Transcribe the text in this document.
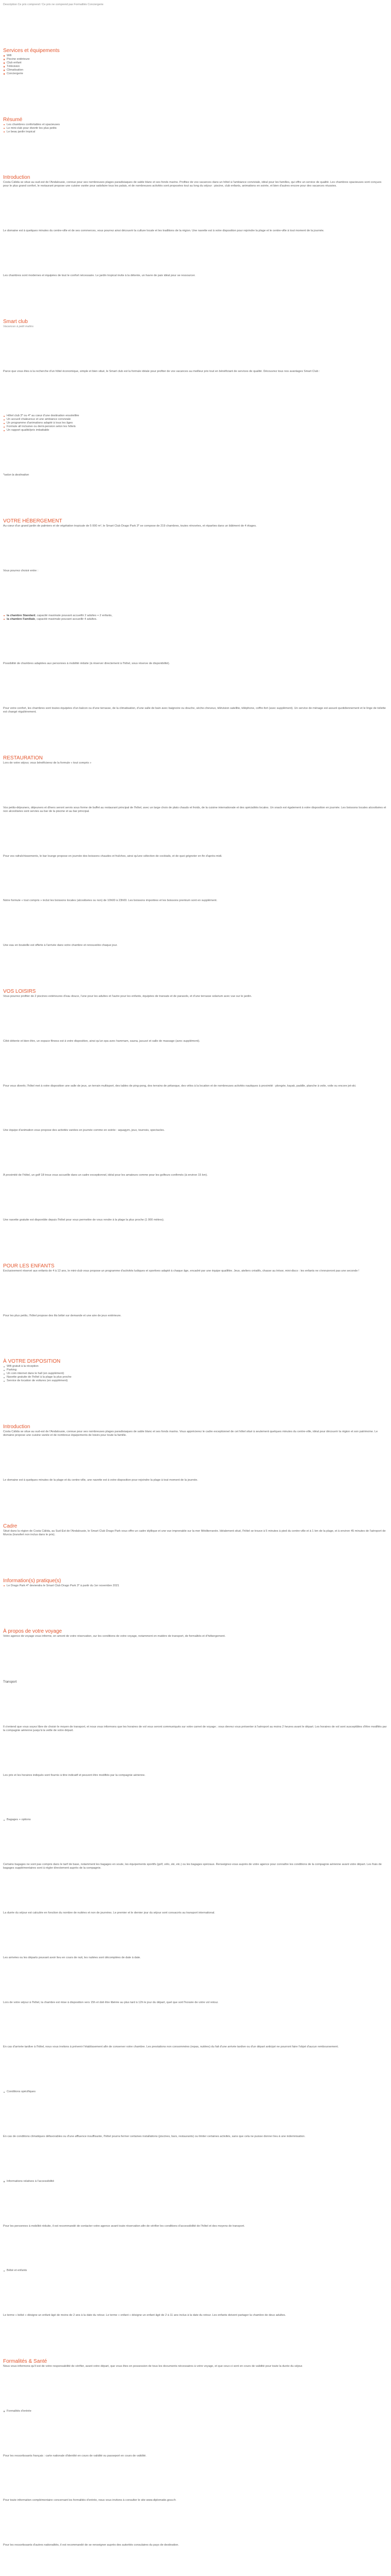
Description Ce prix comprend / Ce prix ne comprend pas Formalités Conciergerie
Services et équipements
Wifi
Piscine extérieure
Club enfant
Télévision
Climatisation
Conciergerie
Résumé
Les chambres confortables et spacieuses
Le mini-club pour divertir les plus petits
Le beau jardin tropical
Introduction

Costa Cálida se situe au sud-est de l'Andalousie, connue pour ses nombreuses plages paradisiaques de sable blanc et ses fonds marins. Profitez de vos vacances dans un hôtel à l'ambiance conviviale, idéal pour les familles, qui offre un service de qualité. Les chambres spacieuses sont conçues pour le plus grand confort, le restaurant propose une cuisine variée pour satisfaire tous les palais, et de nombreuses activités sont proposées tout au long du séjour : piscine, club enfants, animations en soirée, et bien d'autres encore pour des vacances réussies.

Le domaine est à quelques minutes du centre-ville et de ses commerces, vous pourrez ainsi découvrir la culture locale et les traditions de la région. Une navette est à votre disposition pour rejoindre la plage et le centre-ville à tout moment de la journée.

Les chambres sont modernes et équipées de tout le confort nécessaire. Le jardin tropical invite à la détente, un havre de paix idéal pour se ressourcer.

Smart club
Vacances à petit malins

Parce que vous êtes à la recherche d'un hôtel économique, simple et bien situé, le Smart club est la formule idéale pour profiter de vos vacances au meilleur prix tout en bénéficiant de services de qualité. Découvrez tous nos avantages Smart Club :

Hôtel club 3* ou 4* au cœur d'une destination ensoleillée
Un accueil chaleureux et une ambiance conviviale
Un programme d'animations adapté à tous les âges
Formule all inclusive ou demi-pension selon les hôtels
Un rapport qualité/prix imbattable

*selon la destination

VOTRE HÉBERGEMENT

Au cœur d'un grand jardin de palmiers et de végétation tropicale de 5 000 m², le Smart Club Drago Park 3* se compose de 219 chambres, toutes rénovées, et réparties dans un bâtiment de 4 étages.

Vous pourrez choisir entre :

la chambre Standard, capacité maximale pouvant accueillir 2 adultes + 2 enfants,
la chambre Familiale, capacité maximale pouvant accueillir 4 adultes.

Possibilité de chambres adaptées aux personnes à mobilité réduite (à réserver directement à l'hôtel, sous réserve de disponibilité).

Pour votre confort, les chambres sont toutes équipées d'un balcon ou d'une terrasse, de la climatisation, d'une salle de bain avec baignoire ou douche, sèche-cheveux, télévision satellite, téléphone, coffre-fort (avec supplément). Un service de ménage est assuré quotidiennement et le linge de toilette est changé régulièrement.

RESTAURATION

Lors de votre séjour, vous bénéficierez de la formule « tout compris »

Vos petits-déjeuners, déjeuners et dîners seront servis sous forme de buffet au restaurant principal de l'hôtel, avec un large choix de plats chauds et froids, de la cuisine internationale et des spécialités locales. Un snack est également à votre disposition en journée. Les boissons locales alcoolisées et non alcoolisées sont servies au bar de la piscine et au bar principal.

Pour vos rafraîchissements, le bar lounge propose en journée des boissons chaudes et fraîches, ainsi qu'une sélection de cocktails, et de quoi grignoter en fin d'après-midi.

Notre formule « tout compris » inclut les boissons locales (alcoolisées ou non) de 10h00 à 23h00. Les boissons importées et les boissons premium sont en supplément.

Une eau en bouteille est offerte à l'arrivée dans votre chambre et renouvelée chaque jour.

VOS LOISIRS

Vous pourrez profiter de 2 piscines extérieures d'eau douce, l'une pour les adultes et l'autre pour les enfants, équipées de transats et de parasols, et d'une terrasse solarium avec vue sur le jardin.

Côté détente et bien-être, un espace fitness est à votre disposition, ainsi qu'un spa avec hammam, sauna, jacuzzi et salle de massage (avec supplément).

Pour vous divertir, l'hôtel met à votre disposition une salle de jeux, un terrain multisport, des tables de ping-pong, des terrains de pétanque, des vélos à la location et de nombreuses activités nautiques à proximité : plongée, kayak, paddle, planche à voile, voile ou encore jet-ski.

Une équipe d'animation vous propose des activités variées en journée comme en soirée : aquagym, jeux, tournois, spectacles.

À proximité de l'hôtel, un golf 18 trous vous accueille dans un cadre exceptionnel, idéal pour les amateurs comme pour les golfeurs confirmés (à environ 15 km).

Une navette gratuite est disponible depuis l'hôtel pour vous permettre de vous rendre à la plage la plus proche (1 000 mètres).

POUR LES ENFANTS

Exclusivement réservé aux enfants de 4 à 12 ans, le mini-club vous propose un programme d'activités ludiques et sportives adapté à chaque âge, encadré par une équipe qualifiée. Jeux, ateliers créatifs, chasse au trésor, mini-disco : les enfants ne s'ennuieront pas une seconde !

Pour les plus petits, l'hôtel propose des lits bébé sur demande et une aire de jeux extérieure.

À VOTRE DISPOSITION
Wifi gratuit à la réception
Parking
Un coin internet dans le hall (en supplément)
Navette gratuite de l'hôtel à la plage la plus proche
Service de location de voitures (en supplément)
Introduction

Costa Cálida se situe au sud-est de l'Andalousie, connue pour ses nombreuses plages paradisiaques de sable blanc et ses fonds marins. Vous apprécierez le cadre exceptionnel de cet hôtel situé à seulement quelques minutes du centre-ville, idéal pour découvrir la région et son patrimoine. Le domaine propose une cuisine variée et de nombreux équipements de loisirs pour toute la famille.

Le domaine est à quelques minutes de la plage et du centre-ville, une navette est à votre disposition pour rejoindre la plage à tout moment de la journée.

Cadre

Situé dans la région de Costa Cálida, au Sud-Est de l'Andalousie, le Smart Club Drago Park vous offre un cadre idyllique et une vue imprenable sur la mer Méditerranée. Idéalement situé, l'hôtel se trouve à 5 minutes à pied du centre-ville et à 1 km de la plage, et à environ 45 minutes de l'aéroport de Murcia (transfert non inclus dans le prix).

Information(s) pratique(s)
Le Drago Park 4* deviendra le Smart Club Drago Park 3* à partir du 1er novembre 2021
À propos de votre voyage

Votre agence de voyage vous informe, en amont de votre réservation, sur les conditions de votre voyage, notamment en matière de transport, de formalités et d'hébergement.

Transport

Il s'entend que vous soyez libre de choisir le moyen de transport, et nous vous informons que les horaires de vol vous seront communiqués sur votre carnet de voyage ; vous devrez vous présenter à l'aéroport au moins 2 heures avant le départ. Les horaires de vol sont susceptibles d'être modifiés par la compagnie aérienne jusqu'à la veille de votre départ.

Les prix et les horaires indiqués sont fournis à titre indicatif et peuvent être modifiés par la compagnie aérienne.

Bagages + options

Certains bagages ne sont pas compris dans le tarif de base, notamment les bagages en soute, les équipements sportifs (golf, vélo, ski, etc.) ou les bagages spéciaux. Renseignez-vous auprès de votre agence pour connaître les conditions de la compagnie aérienne avant votre départ. Les frais de bagages supplémentaires sont à régler directement auprès de la compagnie.

La durée du séjour est calculée en fonction du nombre de nuitées et non de journées. Le premier et le dernier jour du séjour sont consacrés au transport international.

Les arrivées ou les départs pouvant avoir lieu en cours de nuit, les nuitées sont décomptées de date à date.

Lors de votre séjour à l'hôtel, la chambre est mise à disposition vers 15h et doit être libérée au plus tard à 12h le jour du départ, quel que soit l'horaire de votre vol retour.

En cas d'arrivée tardive à l'hôtel, nous vous invitons à prévenir l'établissement afin de conserver votre chambre. Les prestations non consommées (repas, nuitées) du fait d'une arrivée tardive ou d'un départ anticipé ne pourront faire l'objet d'aucun remboursement.

Conditions spécifiques

En cas de conditions climatiques défavorables ou d'une affluence insuffisante, l'hôtel pourra fermer certaines installations (piscines, bars, restaurants) ou limiter certaines activités, sans que cela ne puisse donner lieu à une indemnisation.

Informations relatives à l'accessibilité

Pour les personnes à mobilité réduite, il est recommandé de contacter votre agence avant toute réservation afin de vérifier les conditions d'accessibilité de l'hôtel et des moyens de transport.

Bébé et enfants

Le terme « bébé » désigne un enfant âgé de moins de 2 ans à la date du retour. Le terme « enfant » désigne un enfant âgé de 2 à 11 ans inclus à la date du retour. Les enfants doivent partager la chambre de deux adultes.

Formalités & Santé

Nous vous informons qu'il est de votre responsabilité de vérifier, avant votre départ, que vous êtes en possession de tous les documents nécessaires à votre voyage, et que ceux-ci sont en cours de validité pour toute la durée du séjour.

Formalités d'entrée

Pour les ressortissants français : carte nationale d'identité en cours de validité ou passeport en cours de validité.

Pour toute information complémentaire concernant les formalités d'entrée, nous vous invitons à consulter le site www.diplomatie.gouv.fr.

Pour les ressortissants d'autres nationalités, il est recommandé de se renseigner auprès des autorités consulaires du pays de destination.
